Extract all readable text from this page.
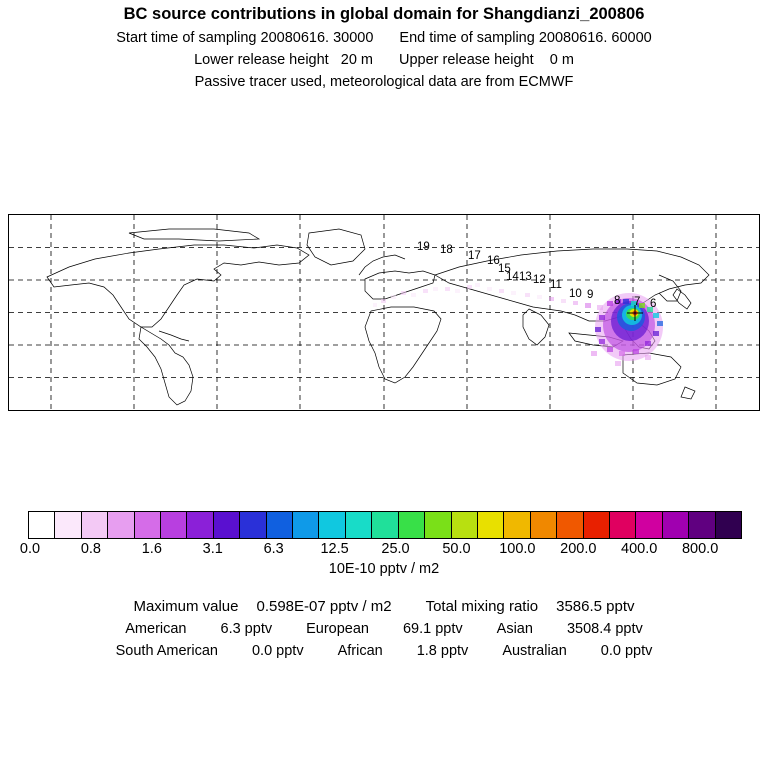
BC source contributions in global domain for Shangdianzi_200806
Start time of sampling 20080616. 30000 End time of sampling 20080616. 60000
Lower release height   20 m Upper release height    0 m
Passive tracer used, meteorological data are from ECMWF
19 18 17 16
15
14 13 12 11
10 9 8 7 6
0.0	0.8	1.6	3.1	6.3	12.5 25.0 50.0 100.0 200.0 400.0 800.0
10E-10 pptv / m2
Maximum value 0.598E-07 pptv / m2 Total mixing ratio 3586.5 pptv
American 6.3 pptv European 69.1 pptv Asian 3508.4 pptv
South American 0.0 pptv African 1.8 pptv Australian 0.0 pptv
